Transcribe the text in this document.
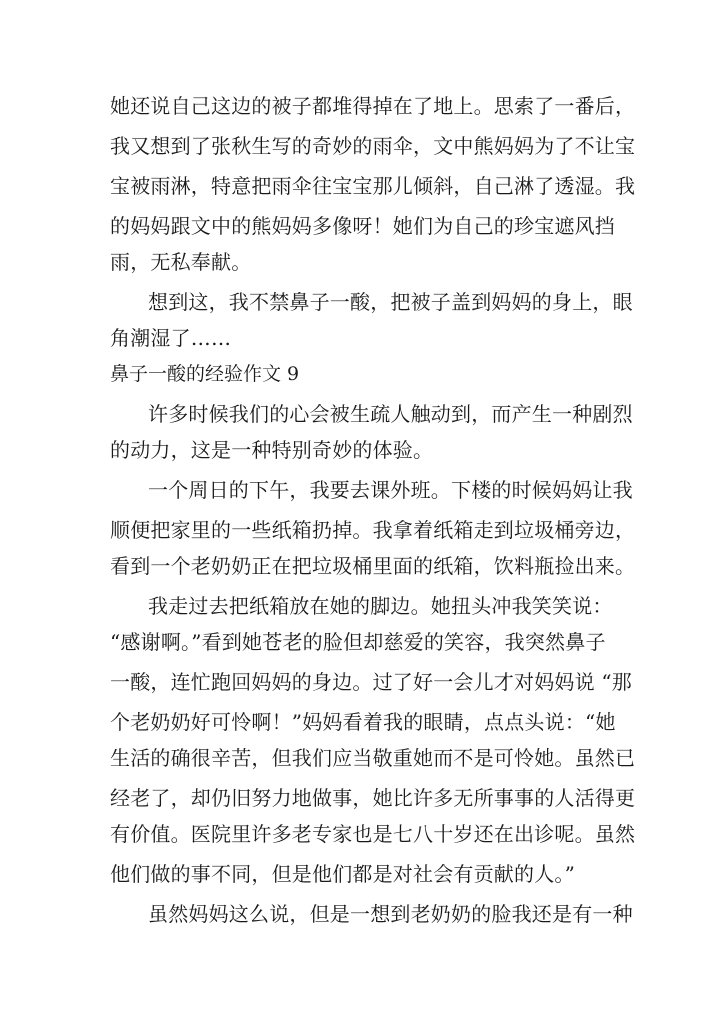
她还说自己这边的被子都堆得掉在了地上。思索了一番后，
我又想到了张秋生写的奇妙的雨伞，文中熊妈妈为了不让宝
宝被雨淋，特意把雨伞往宝宝那儿倾斜，自己淋了透湿。我
的妈妈跟文中的熊妈妈多像呀！她们为自己的珍宝遮风挡
雨，无私奉献。
想到这，我不禁鼻子一酸，把被子盖到妈妈的身上，眼
角潮湿了……
鼻子一酸的经验作文 9
许多时候我们的心会被生疏人触动到，而产生一种剧烈
的动力，这是一种特别奇妙的体验。
一个周日的下午，我要去课外班。下楼的时候妈妈让我
顺便把家里的一些纸箱扔掉。我拿着纸箱走到垃圾桶旁边，
看到一个老奶奶正在把垃圾桶里面的纸箱，饮料瓶捡出来。
我走过去把纸箱放在她的脚边。她扭头冲我笑笑说：
“感谢啊。”看到她苍老的脸但却慈爱的笑容，我突然鼻子
一酸，连忙跑回妈妈的身边。过了好一会儿才对妈妈说 “那
个老奶奶好可怜啊！”妈妈看着我的眼睛，点点头说：“她
生活的确很辛苦，但我们应当敬重她而不是可怜她。虽然已
经老了，却仍旧努力地做事，她比许多无所事事的人活得更
有价值。医院里许多老专家也是七八十岁还在出诊呢。虽然
他们做的事不同，但是他们都是对社会有贡献的人。”
虽然妈妈这么说，但是一想到老奶奶的脸我还是有一种
